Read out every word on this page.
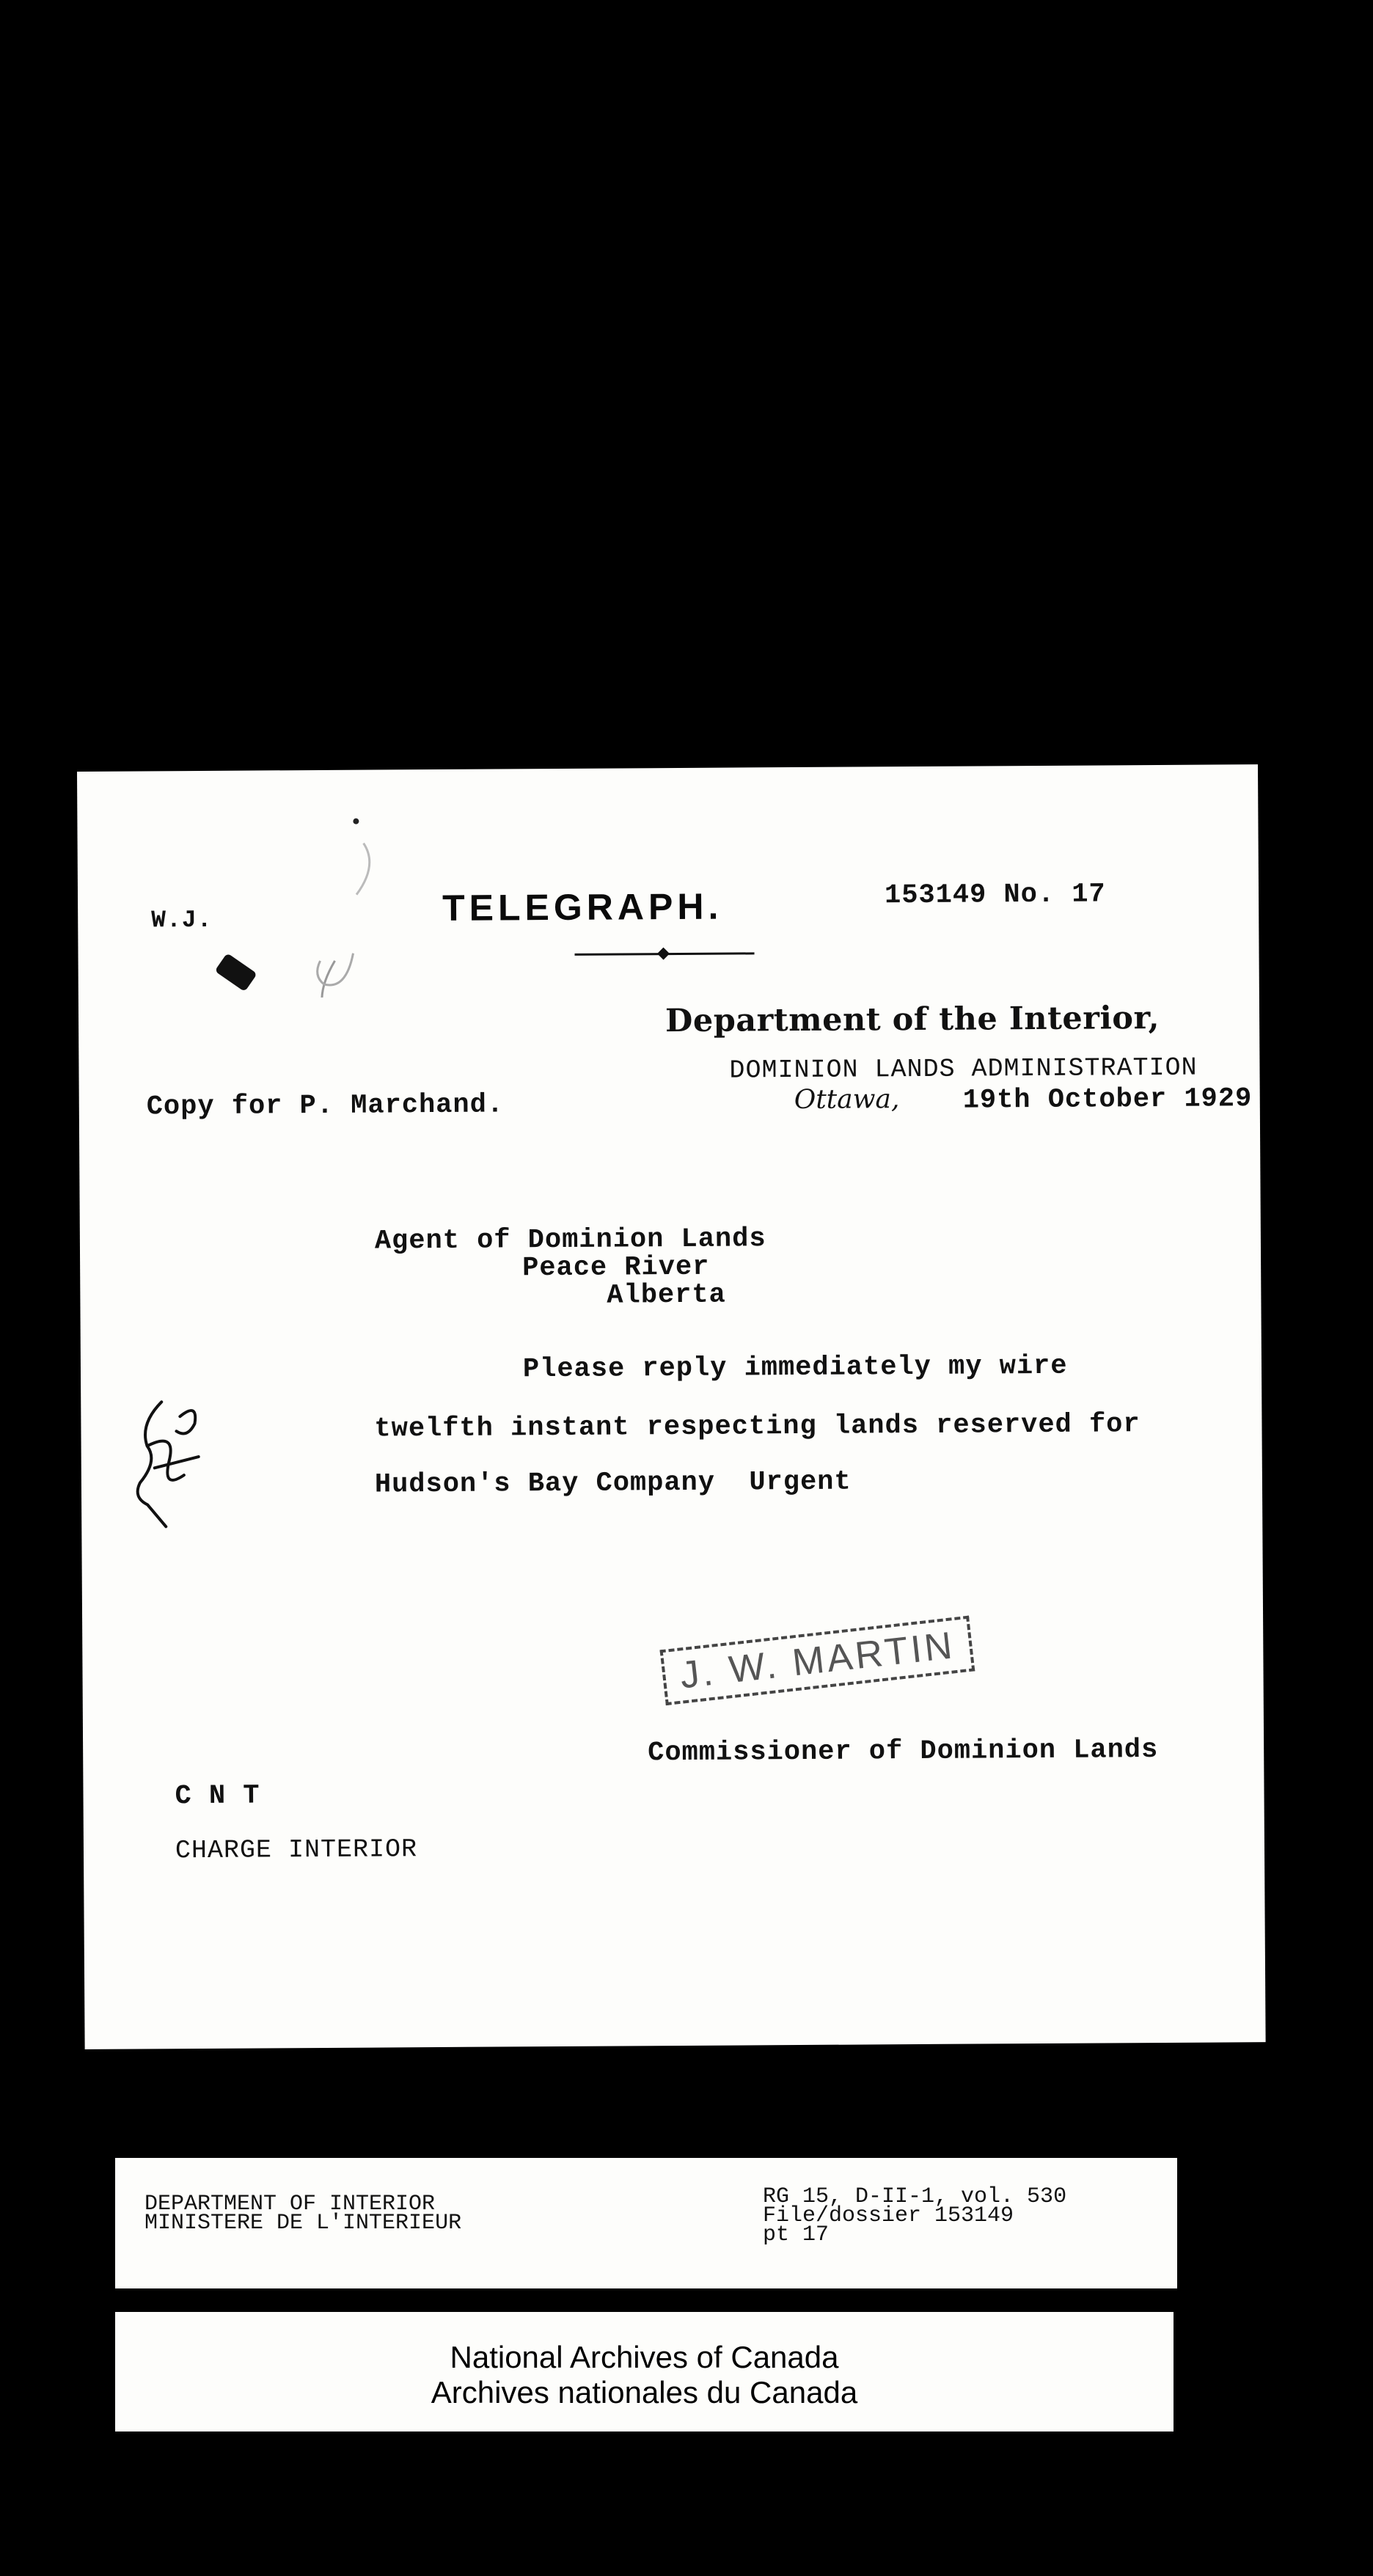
W.J.	TELEGRAPH.	153149 No. 17
Department of the Interior,
DOMINION LANDS ADMINISTRATION
Ottawa, 19th October 1929
Copy for P. Marchand.
Agent of Dominion Lands
Peace River
Alberta
Please reply immediately my wire
twelfth instant respecting lands reserved for
Hudson's Bay Company  Urgent
J. W. MARTIN
Commissioner of Dominion Lands
C N T
CHARGE INTERIOR
DEPARTMENT OF INTERIOR
MINISTERE DE L'INTERIEUR
RG 15, D-II-1, vol. 530
File/dossier 153149
pt 17
National Archives of Canada
Archives nationales du Canada
